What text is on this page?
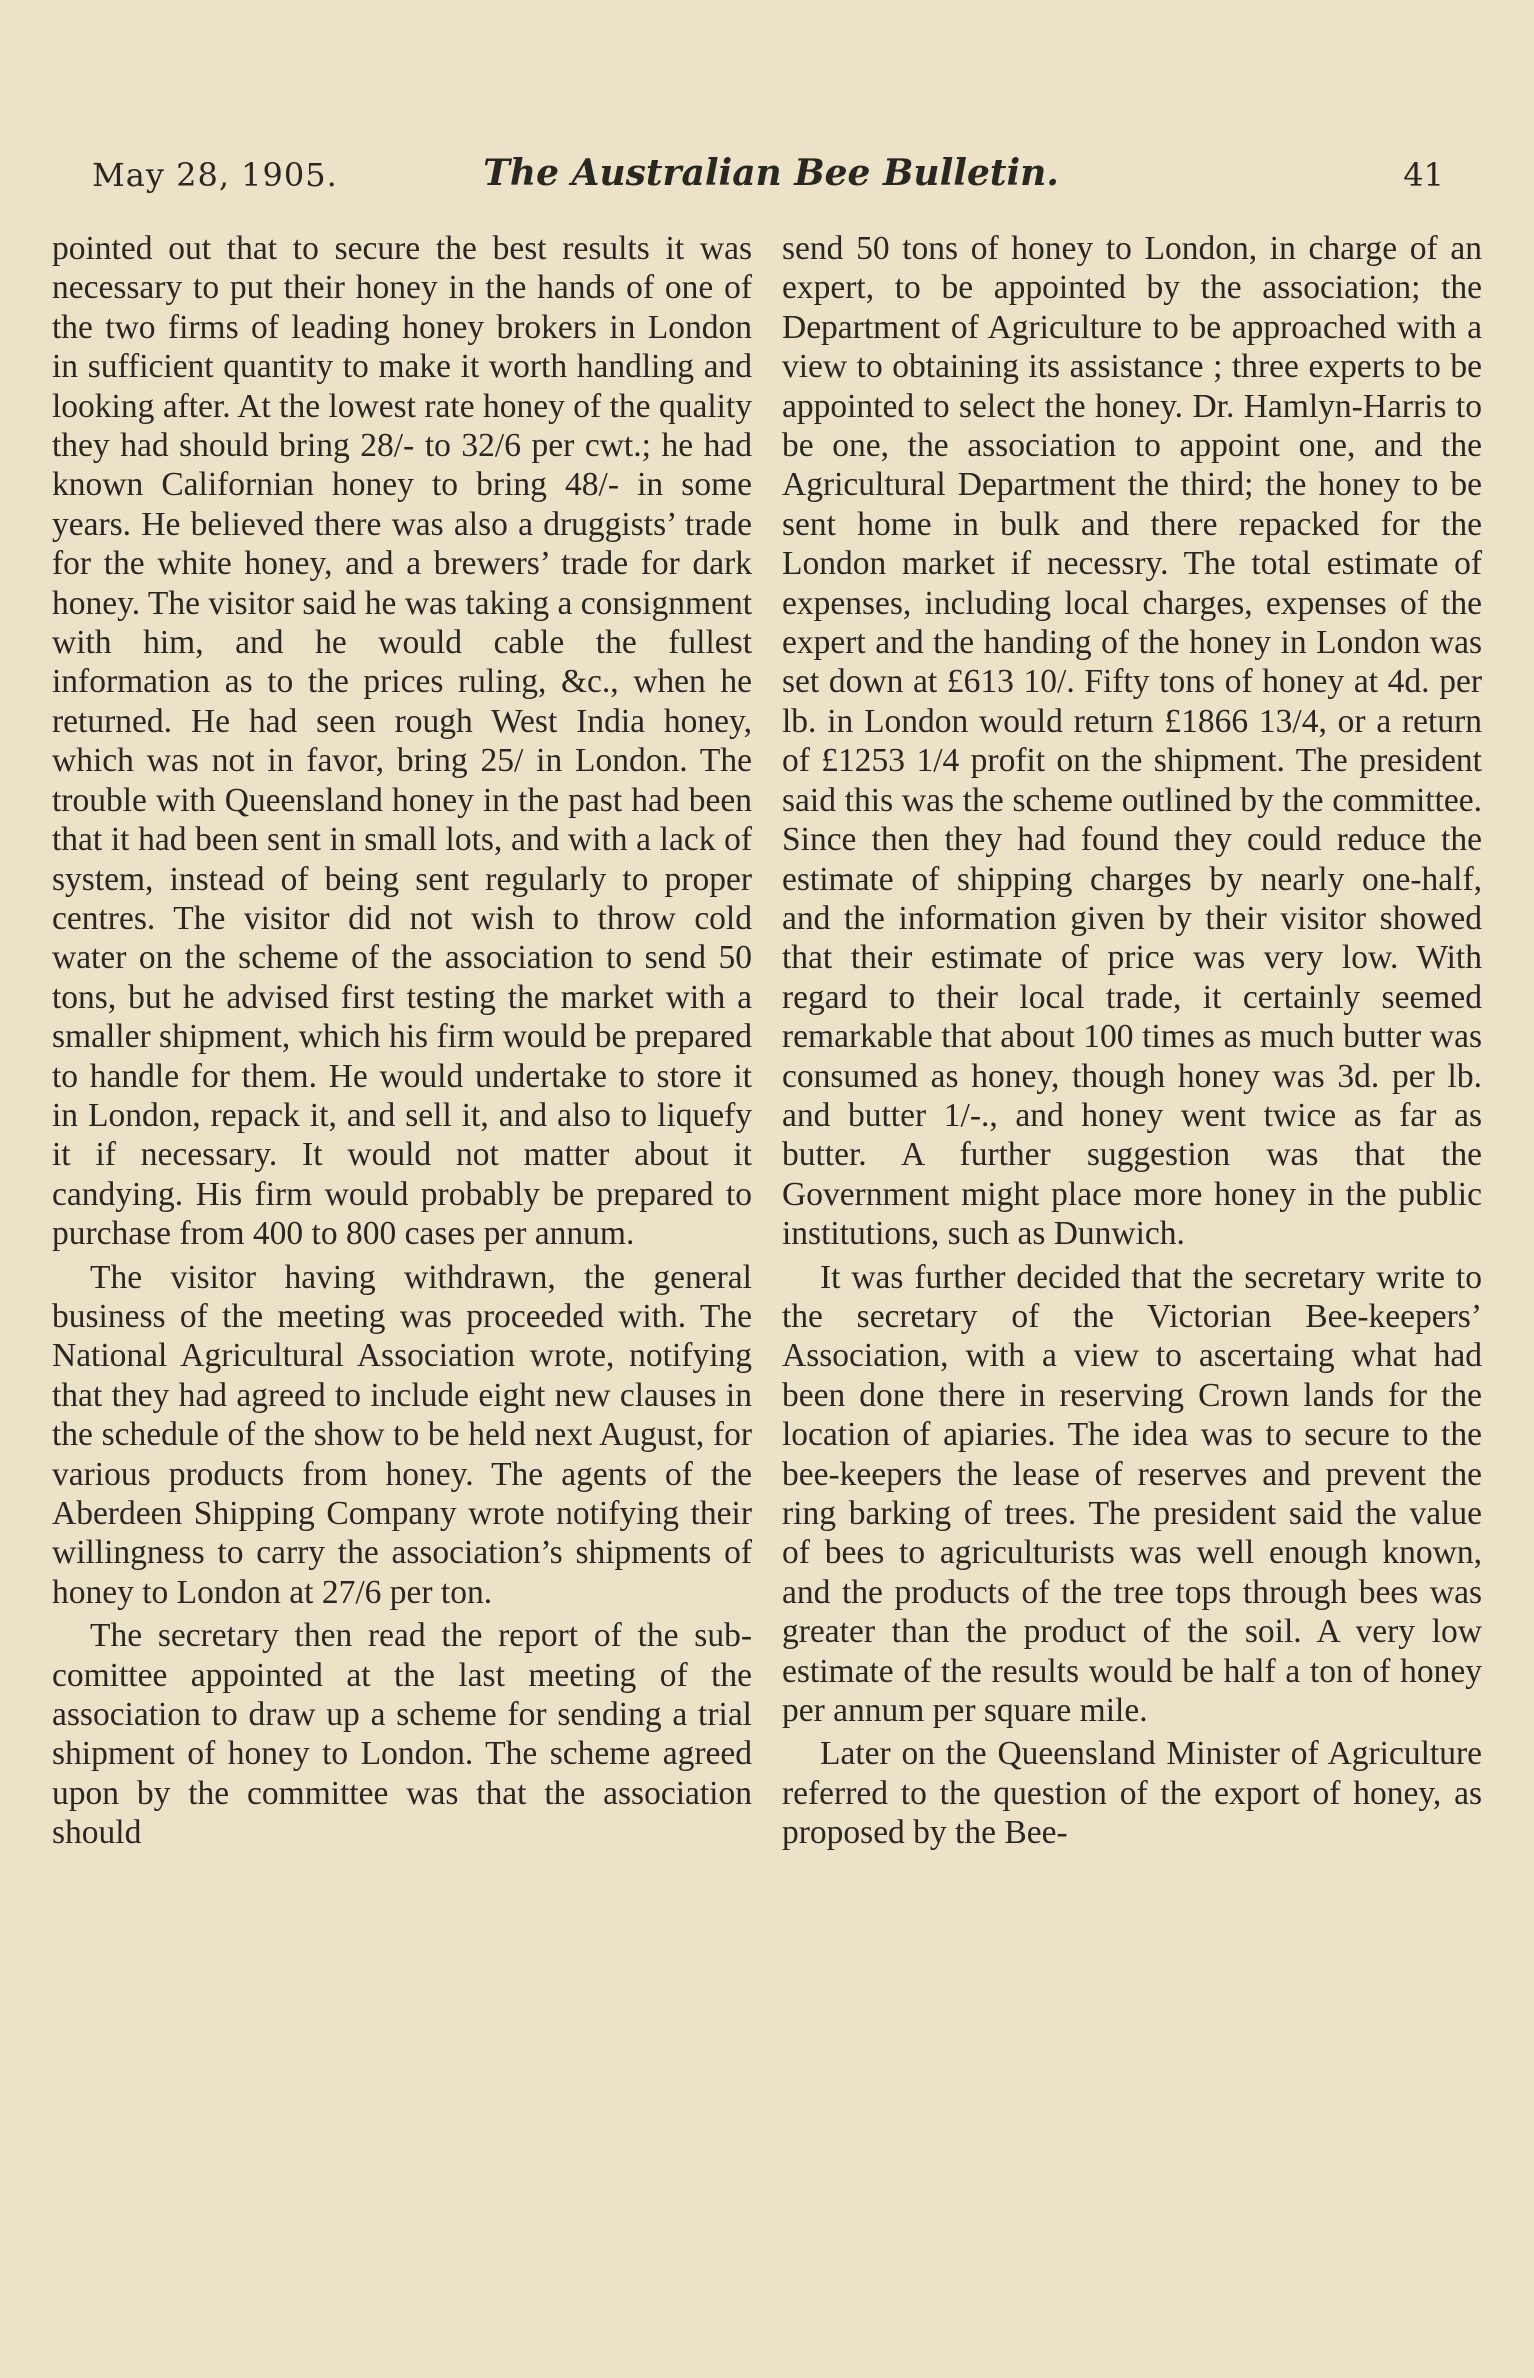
May 28, 1905.	The Australian Bee Bulletin.	41

pointed out that to secure the best results it was necessary to put their honey in the hands of one of the two firms of leading honey brokers in London in sufficient quantity to make it worth handling and looking after. At the lowest rate honey of the quality they had should bring 28/- to 32/6 per cwt.; he had known Californian honey to bring 48/- in some years. He believed there was also a druggists’ trade for the white honey, and a brewers’ trade for dark honey. The visitor said he was taking a consignment with him, and he would cable the fullest information as to the prices ruling, &c., when he returned. He had seen rough West India honey, which was not in favor, bring 25/ in London. The trouble with Queensland honey in the past had been that it had been sent in small lots, and with a lack of system, instead of being sent regularly to proper centres. The visitor did not wish to throw cold water on the scheme of the association to send 50 tons, but he advised first testing the market with a smaller shipment, which his firm would be prepared to handle for them. He would undertake to store it in London, repack it, and sell it, and also to liquefy it if necessary. It would not matter about it candying. His firm would probably be prepared to purchase from 400 to 800 cases per annum.

The visitor having withdrawn, the general business of the meeting was proceeded with. The National Agricultural Association wrote, notifying that they had agreed to include eight new clauses in the schedule of the show to be held next August, for various products from honey. The agents of the Aberdeen Shipping Company wrote notifying their willingness to carry the association’s shipments of honey to London at 27/6 per ton.

The secretary then read the report of the sub-comittee appointed at the last meeting of the association to draw up a scheme for sending a trial shipment of honey to London. The scheme agreed upon by the committee was that the association should

send 50 tons of honey to London, in charge of an expert, to be appointed by the association; the Department of Agriculture to be approached with a view to obtaining its assistance ; three experts to be appointed to select the honey. Dr. Hamlyn-Harris to be one, the association to appoint one, and the Agricultural Department the third; the honey to be sent home in bulk and there repacked for the London market if necessry. The total estimate of expenses, including local charges, expenses of the expert and the handing of the honey in London was set down at £613 10/. Fifty tons of honey at 4d. per lb. in London would return £1866 13/4, or a return of £1253 1/4 profit on the shipment. The president said this was the scheme outlined by the committee. Since then they had found they could reduce the estimate of shipping charges by nearly one-half, and the information given by their visitor showed that their estimate of price was very low. With regard to their local trade, it certainly seemed remarkable that about 100 times as much butter was consumed as honey, though honey was 3d. per lb. and butter 1/-., and honey went twice as far as butter. A further suggestion was that the Government might place more honey in the public institutions, such as Dunwich.

It was further decided that the secretary write to the secretary of the Victorian Bee-keepers’ Association, with a view to ascertaing what had been done there in reserving Crown lands for the location of apiaries. The idea was to secure to the bee-keepers the lease of reserves and prevent the ring barking of trees. The president said the value of bees to agriculturists was well enough known, and the products of the tree tops through bees was greater than the product of the soil. A very low estimate of the results would be half a ton of honey per annum per square mile.

Later on the Queensland Minister of Agriculture referred to the question of the export of honey, as proposed by the Bee-
